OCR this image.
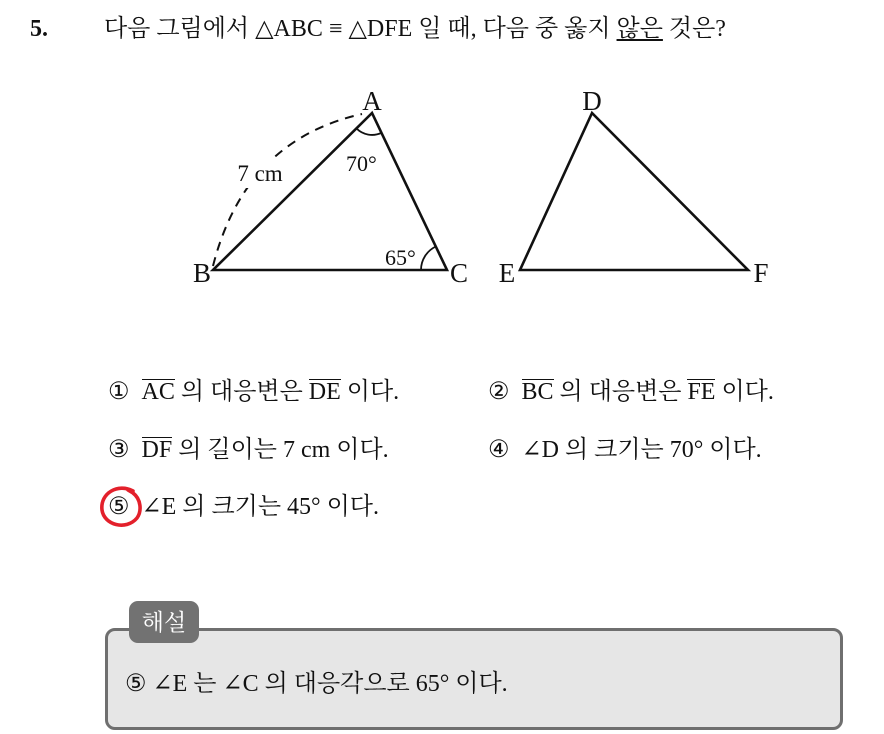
5. 다음 그림에서 △ABC ≡ △DFE 일 때, 다음 중 옳지 않은 것은?
7 cm	70°
65°
A
B	C
D
E	F
① AC 의 대응변은 DE 이다.	② BC 의 대응변은 FE 이다.
③ DF 의 길이는 7 cm 이다.	④ ∠D 의 크기는 70° 이다.
⑤ ∠E 의 크기는 45° 이다.
⑤ ∠E 는 ∠C 의 대응각으로 65° 이다.
해설
